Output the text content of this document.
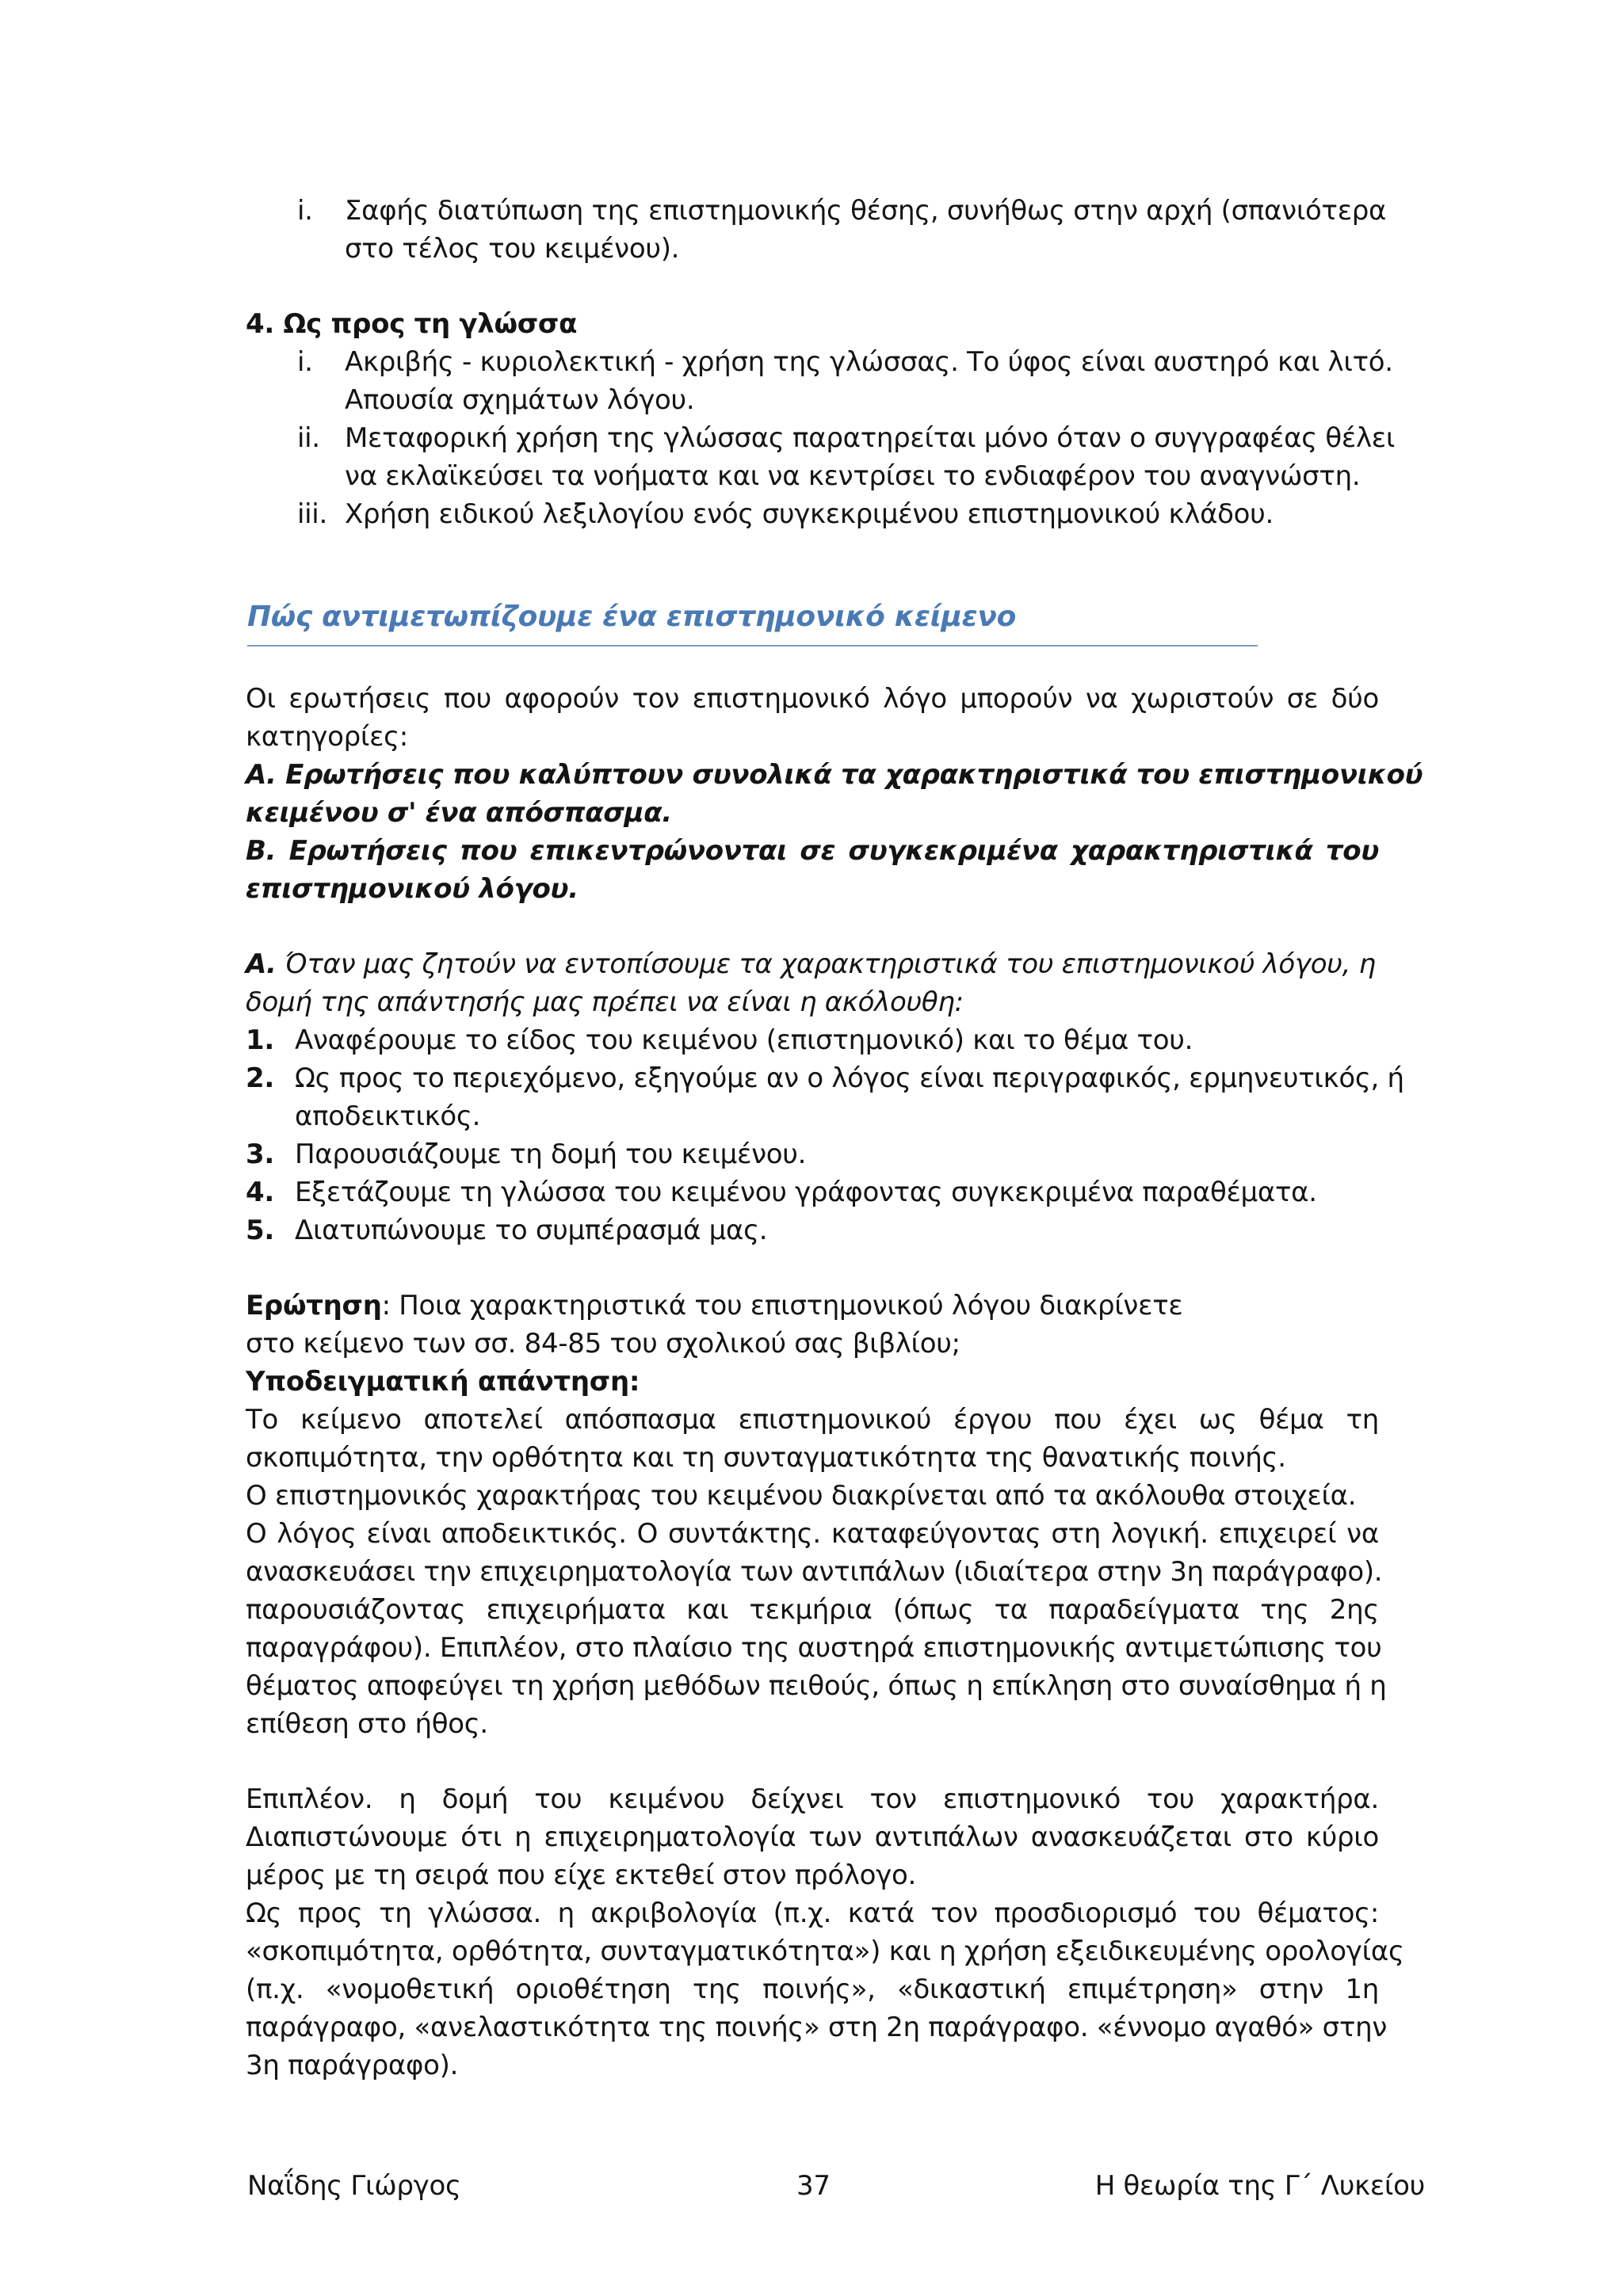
i. Σαφής διατύπωση της επιστημονικής θέσης, συνήθως στην αρχή (σπανιότερα
στο τέλος του κειμένου).
4. Ως προς τη γλώσσα
i. Ακριβής - κυριολεκτική - χρήση της γλώσσας. Το ύφος είναι αυστηρό και λιτό.
Απουσία σχημάτων λόγου.
ii. Μεταφορική χρήση της γλώσσας παρατηρείται μόνο όταν ο συγγραφέας θέλει
να εκλαϊκεύσει τα νοήματα και να κεντρίσει το ενδιαφέρον του αναγνώστη.
iii. Χρήση ειδικού λεξιλογίου ενός συγκεκριμένου επιστημονικού κλάδου.
Πώς αντιμετωπίζουμε ένα επιστημονικό κείμενο
Οι ερωτήσεις που αφορούν τον επιστημονικό λόγο μπορούν να χωριστούν σε δύο
κατηγορίες:
Α. Ερωτήσεις που καλύπτουν συνολικά τα χαρακτηριστικά του επιστημονικού
κειμένου σ' ένα απόσπασμα.
Β. Ερωτήσεις που επικεντρώνονται σε συγκεκριμένα χαρακτηριστικά του
επιστημονικού λόγου.
Α. Όταν μας ζητούν να εντοπίσουμε τα χαρακτηριστικά του επιστημονικού λόγου, η
δομή της απάντησής μας πρέπει να είναι η ακόλουθη:
1. Αναφέρουμε το είδος του κειμένου (επιστημονικό) και το θέμα του.
2. Ως προς το περιεχόμενο, εξηγούμε αν ο λόγος είναι περιγραφικός, ερμηνευτικός, ή
αποδεικτικός.
3. Παρουσιάζουμε τη δομή του κειμένου.
4. Εξετάζουμε τη γλώσσα του κειμένου γράφοντας συγκεκριμένα παραθέματα.
5. Διατυπώνουμε το συμπέρασμά μας.
Ερώτηση: Ποια χαρακτηριστικά του επιστημονικού λόγου διακρίνετε
στο κείμενο των σσ. 84-85 του σχολικού σας βιβλίου;
Υποδειγματική απάντηση:
Το κείμενο αποτελεί απόσπασμα επιστημονικού έργου που έχει ως θέμα τη
σκοπιμότητα, την ορθότητα και τη συνταγματικότητα της θανατικής ποινής.
Ο επιστημονικός χαρακτήρας του κειμένου διακρίνεται από τα ακόλουθα στοιχεία.
Ο λόγος είναι αποδεικτικός. Ο συντάκτης. καταφεύγοντας στη λογική. επιχειρεί να
ανασκευάσει την επιχειρηματολογία των αντιπάλων (ιδιαίτερα στην 3η παράγραφο).
παρουσιάζοντας επιχειρήματα και τεκμήρια (όπως τα παραδείγματα της 2ης
παραγράφου). Επιπλέον, στο πλαίσιο της αυστηρά επιστημονικής αντιμετώπισης του
θέματος αποφεύγει τη χρήση μεθόδων πειθούς, όπως η επίκληση στο συναίσθημα ή η
επίθεση στο ήθος.
Επιπλέον. η δομή του κειμένου δείχνει τον επιστημονικό του χαρακτήρα.
Διαπιστώνουμε ότι η επιχειρηματολογία των αντιπάλων ανασκευάζεται στο κύριο
μέρος με τη σειρά που είχε εκτεθεί στον πρόλογο.
Ως προς τη γλώσσα. η ακριβολογία (π.χ. κατά τον προσδιορισμό του θέματος:
«σκοπιμότητα, ορθότητα, συνταγματικότητα») και η χρήση εξειδικευμένης ορολογίας
(π.χ. «νομοθετική οριοθέτηση της ποινής», «δικαστική επιμέτρηση» στην 1η
παράγραφο, «ανελαστικότητα της ποινής» στη 2η παράγραφο. «έννομο αγαθό» στην
3η παράγραφο).
Ναΐδης Γιώργος	37	Η θεωρία της Γ΄ Λυκείου
